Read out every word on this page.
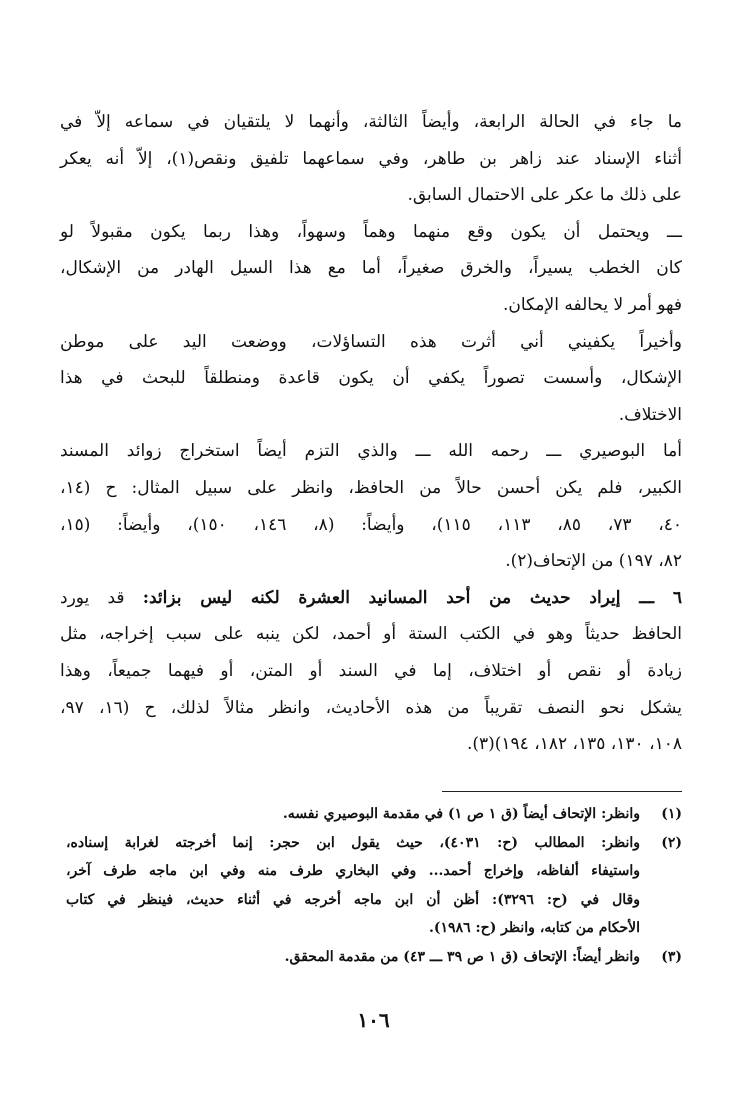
ما جاء في الحالة الرابعة، وأيضاً الثالثة، وأنهما لا يلتقيان في سماعه إلاّ في
أثناء الإسناد عند زاهر بن طاهر، وفي سماعهما تلفيق ونقص(١)، إلاّ أنه يعكر
على ذلك ما عكر على الاحتمال السابق.

ـــ ويحتمل أن يكون وقع منهما وهماً وسهواً، وهذا ربما يكون مقبولاً لو
كان الخطب يسيراً، والخرق صغيراً، أما مع هذا السيل الهادر من الإشكال،
فهو أمر لا يحالفه الإمكان.

وأخيراً يكفيني أني أثرت هذه التساؤلات، ووضعت اليد على موطن
الإشكال، وأسست تصوراً يكفي أن يكون قاعدة ومنطلقاً للبحث في هذا
الاختلاف.

أما البوصيري ـــ رحمه الله ـــ والذي التزم أيضاً استخراج زوائد المسند
الكبير، فلم يكن أحسن حالاً من الحافظ، وانظر على سبيل المثال: ح (١٤،
٤٠، ٧٣، ٨٥، ١١٣، ١١٥)، وأيضاً: (٨، ١٤٦، ١٥٠)، وأيضاً: (١٥،
٨٢، ١٩٧) من الإتحاف(٢).

٦ ـــ إيراد حديث من أحد المسانيد العشرة لكنه ليس بزائد: قد يورد
الحافظ حديثاً وهو في الكتب الستة أو أحمد، لكن ينبه على سبب إخراجه، مثل
زيادة أو نقص أو اختلاف، إما في السند أو المتن، أو فيهما جميعاً، وهذا
يشكل نحو النصف تقريباً من هذه الأحاديث، وانظر مثالاً لذلك، ح (١٦، ٩٧،
١٠٨، ١٣٠، ١٣٥، ١٨٢، ١٩٤)(٣).

(١)
وانظر: الإتحاف أيضاً (ق ١ ص ١) في مقدمة البوصيري نفسه.
(٢)
وانظر: المطالب (ح: ٤٠٣١)، حيث يقول ابن حجر: إنما أخرجته لغرابة إسناده،
واستيفاء ألفاظه، وإخراج أحمد... وفي البخاري طرف منه وفي ابن ماجه طرف آخر،
وقال في (ح: ٣٢٩٦): أظن أن ابن ماجه أخرجه في أثناء حديث، فينظر في كتاب
الأحكام من كتابه، وانظر (ح: ١٩٨٦).
(٣)
وانظر أيضاً: الإتحاف (ق ١ ص ٣٩ ـــ ٤٣) من مقدمة المحقق.
١٠٦
